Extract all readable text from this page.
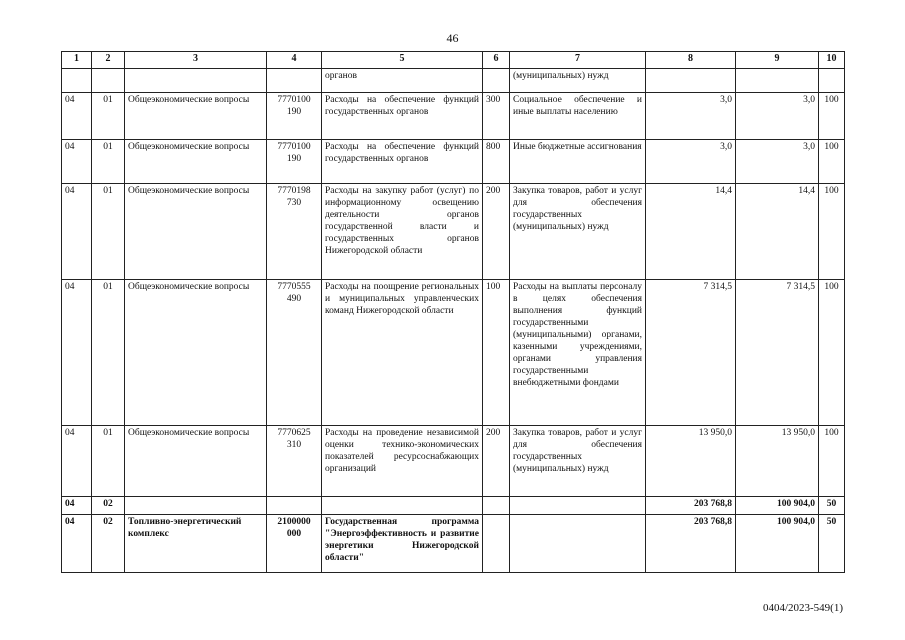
46
1	2	3	4	5	6	7	8	9	10
				органов		(муниципальных) нужд			
04	01	Общеэкономические вопросы	7770100 190	Расходы на обеспечение функций государственных органов	300	Социальное обеспечение и иные выплаты населению	3,0	3,0	100
04	01	Общеэкономические вопросы	7770100 190	Расходы на обеспечение функций государственных органов	800	Иные бюджетные ассигнования	3,0	3,0	100
04	01	Общеэкономические вопросы	7770198 730	Расходы на закупку работ (услуг) по информационному освещению деятельности органов государственной власти и государственных органов Нижегородской области	200	Закупка товаров, работ и услуг для обеспечения государственных (муниципальных) нужд	14,4	14,4	100
04	01	Общеэкономические вопросы	7770555 490	Расходы на поощрение региональных и муниципальных управленческих команд Нижегородской области	100	Расходы на выплаты персоналу в целях обеспечения выполнения функций государственными (муниципальными) органами, казенными учреждениями, органами управления государственными внебюджетными фондами	7 314,5	7 314,5	100
04	01	Общеэкономические вопросы	7770625 310	Расходы на проведение независимой оценки технико-экономических показателей ресурсоснабжающих организаций	200	Закупка товаров, работ и услуг для обеспечения государственных (муниципальных) нужд	13 950,0	13 950,0	100
04	02						203 768,8	100 904,0	50
04	02	Топливно-энергетический комплекс	2100000 000	Государственная программа "Энергоэффективность и развитие энергетики Нижегородской области"			203 768,8	100 904,0	50
0404/2023-549(1)
